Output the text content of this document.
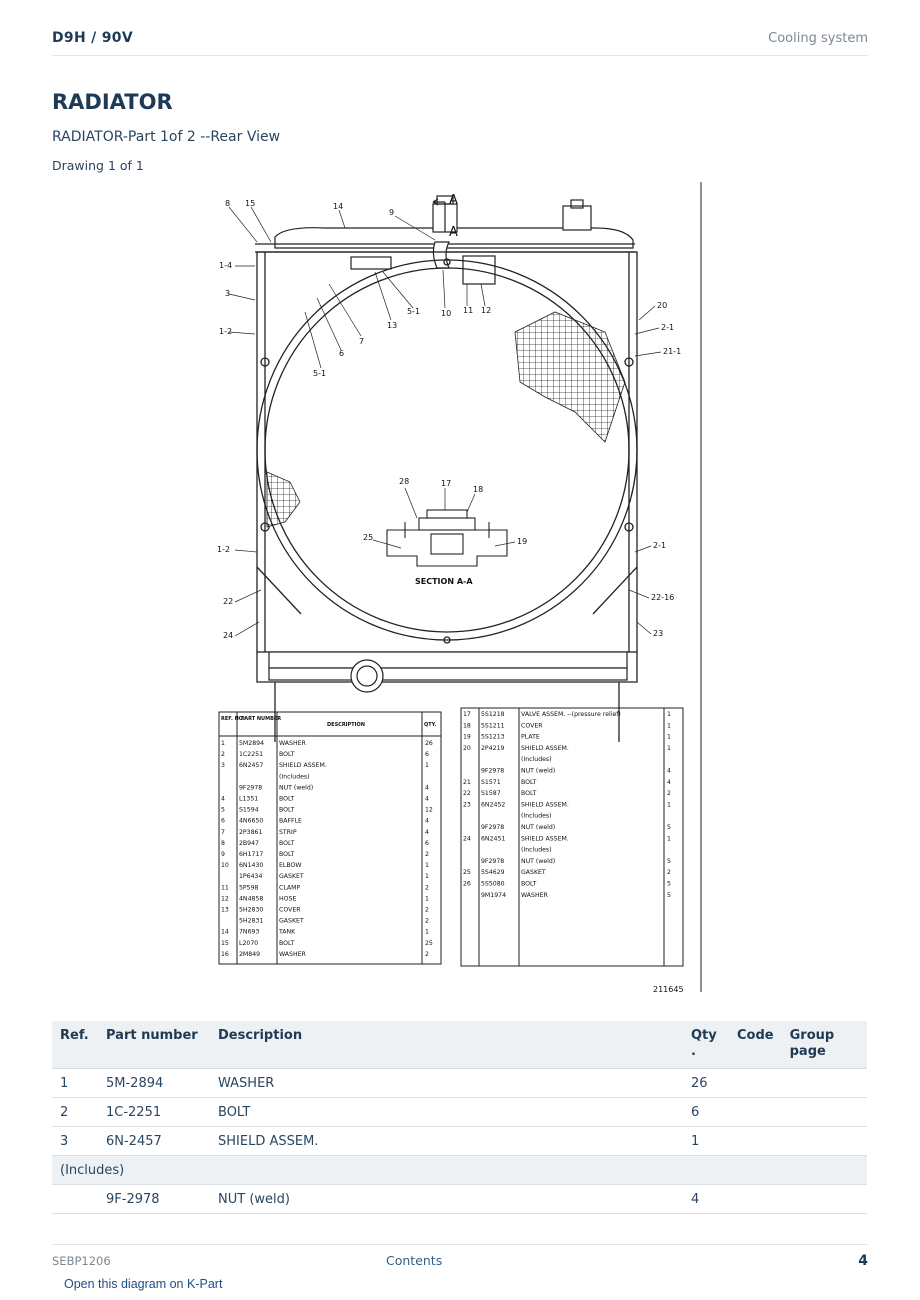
D9H / 90V	Cooling system
RADIATOR
RADIATOR-Part 1of 2 --Rear View
Drawing 1 of 1
A
A
8 15	14
9
1-4
3
1-2
20
2-1
21-1
13
5-1	10 11 12
6
7
5-1
28	17
18
25	19	2-1
1-2
22	22-16
24	23
SECTION A-A
REF. NO.
PART NUMBER
DESCRIPTION	QTY.
1 5M2894 WASHER	26
2 1C2251	BOLT	6
3 6N2457	SHIELD ASSEM.	1
(Includes)
9F2978	NUT (weld)	4
4 L1351	BOLT	4
5 S1594	BOLT	12
6 4N6650	BAFFLE	4
7 2P3861	STRIP	4
8 2B947	BOLT	6
9 6H1717	BOLT	2
10 6N1430	ELBOW	1
1P6434	GASKET	1
11 5P598	CLAMP	2
12 4N4858	HOSE	1
13 5H2830	COVER	2
5H2831	GASKET	2
14 7N693	TANK	1
15 L2070	BOLT	25
16 2M849	WASHER	2
17 5S1218	VALVE ASSEM. --(pressure relief)	1
18 5S1211	COVER	1
19 5S1213	PLATE	1
20 2P4219	SHIELD ASSEM.	1
(Includes)
9F2978	NUT (weld)	4
21 S1571	BOLT	4
22 S1587	BOLT	2
23 6N2452	SHIELD ASSEM.	1
(Includes)
9F2978	NUT (weld)	5
24 6N2451	SHIELD ASSEM.	1
(Includes)
9F2978	NUT (weld)	5
25 5S4629	GASKET	2
26 5S5080	BOLT	5
9M1974 WASHER	5
211645
Ref.	Part number	Description	Qty
.	Code	Group page
1	5M-2894	WASHER	26		
2	1C-2251	BOLT	6		
3	6N-2457	SHIELD ASSEM.	1		
(Includes)					
	9F-2978	NUT (weld)	4		
SEBP1206	Contents	4
Open this diagram on K-Part
